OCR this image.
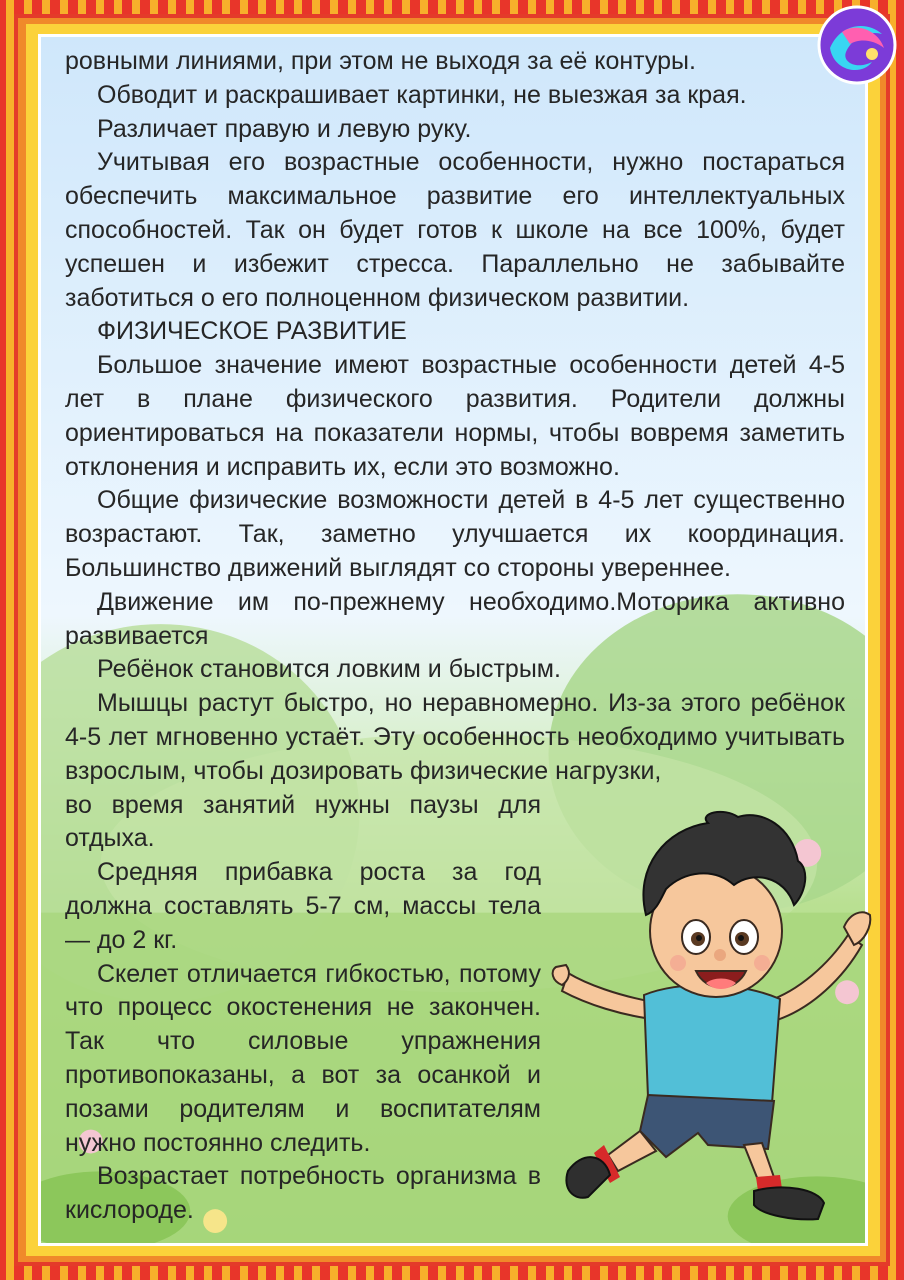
ровными линиями, при этом не выходя за её контуры.

Обводит и раскрашивает картинки, не выезжая за края.

Различает правую и левую руку.

Учитывая его возрастные особенности, нужно постараться обеспечить максимальное развитие его интеллектуальных способностей. Так он будет готов к школе на все 100%, будет успешен и избежит стресса. Параллельно не забывайте заботиться о его полноценном физическом развитии.

ФИЗИЧЕСКОЕ РАЗВИТИЕ

Большое значение имеют возрастные особенности детей 4-5 лет в плане физического развития. Родители должны ориентироваться на показатели нормы, чтобы вовремя заметить отклонения и исправить их, если это возможно.

Общие физические возможности детей в 4-5 лет существенно возрастают. Так, заметно улучшается их координация. Большинство движений выглядят со стороны увереннее.

Движение им по-прежнему необходимо.Моторика активно развивается

Ребёнок становится ловким и быстрым.

Мышцы растут быстро, но неравномерно. Из-за этого ребёнок 4-5 лет мгновенно устаёт. Эту особенность необходимо учитывать взрослым, чтобы дозировать физические нагрузки,

во время занятий нужны паузы для отдыха.

Средняя прибавка роста за год должна составлять 5-7 см, массы тела — до 2 кг.

Скелет отличается гибкостью, потому что процесс окостенения не закончен. Так что силовые упражнения противопоказаны, а вот за осанкой и позами родителям и воспитателям нужно постоянно следить.

Возрастает потребность организма в кислороде.
